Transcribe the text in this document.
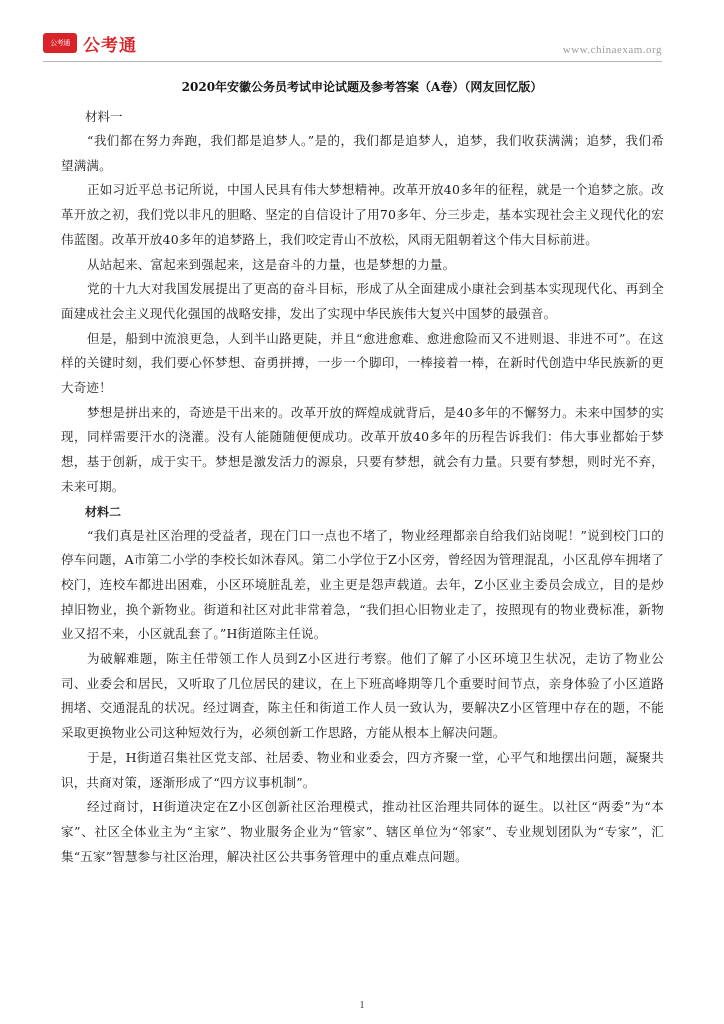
公考通 公考通	www.chinaexam.org
2020年安徽公务员考试申论试题及参考答案（A卷）（网友回忆版）

材料一

“我们都在努力奔跑，我们都是追梦人。”是的，我们都是追梦人，追梦，我们收获满满；追梦，我们希望满满。

正如习近平总书记所说，中国人民具有伟大梦想精神。改革开放40多年的征程，就是一个追梦之旅。改革开放之初，我们党以非凡的胆略、坚定的自信设计了用70多年、分三步走，基本实现社会主义现代化的宏伟蓝图。改革开放40多年的追梦路上，我们咬定青山不放松，风雨无阻朝着这个伟大目标前进。

从站起来、富起来到强起来，这是奋斗的力量，也是梦想的力量。

党的十九大对我国发展提出了更高的奋斗目标，形成了从全面建成小康社会到基本实现现代化、再到全面建成社会主义现代化强国的战略安排，发出了实现中华民族伟大复兴中国梦的最强音。

但是，船到中流浪更急，人到半山路更陡，并且“愈进愈难、愈进愈险而又不进则退、非进不可”。在这样的关键时刻，我们要心怀梦想、奋勇拼搏，一步一个脚印，一棒接着一棒，在新时代创造中华民族新的更大奇迹！

梦想是拼出来的，奇迹是干出来的。改革开放的辉煌成就背后，是40多年的不懈努力。未来中国梦的实现，同样需要汗水的浇灌。没有人能随随便便成功。改革开放40多年的历程告诉我们：伟大事业都始于梦想，基于创新，成于实干。梦想是激发活力的源泉，只要有梦想，就会有力量。只要有梦想，则时光不弃，未来可期。

材料二

“我们真是社区治理的受益者，现在门口一点也不堵了，物业经理都亲自给我们站岗呢！”说到校门口的停车问题，A市第二小学的李校长如沐春风。第二小学位于Z小区旁，曾经因为管理混乱，小区乱停车拥堵了校门，连校车都进出困难，小区环境脏乱差，业主更是怨声载道。去年，Z小区业主委员会成立，目的是炒掉旧物业，换个新物业。街道和社区对此非常着急，“我们担心旧物业走了，按照现有的物业费标准，新物业又招不来，小区就乱套了。”H街道陈主任说。

为破解难题，陈主任带领工作人员到Z小区进行考察。他们了解了小区环境卫生状况，走访了物业公司、业委会和居民，又听取了几位居民的建议，在上下班高峰期等几个重要时间节点，亲身体验了小区道路拥堵、交通混乱的状况。经过调查，陈主任和街道工作人员一致认为，要解决Z小区管理中存在的题，不能采取更换物业公司这种短效行为，必须创新工作思路，方能从根本上解决问题。

于是，H街道召集社区党支部、社居委、物业和业委会，四方齐聚一堂，心平气和地摆出问题，凝聚共识，共商对策，逐渐形成了“四方议事机制”。

经过商讨，H街道决定在Z小区创新社区治理模式，推动社区治理共同体的诞生。以社区“两委”为“本家”、社区全体业主为“主家”、物业服务企业为“管家”、辖区单位为“邻家”、专业规划团队为“专家”，汇集“五家”智慧参与社区治理，解决社区公共事务管理中的重点难点问题。

1
